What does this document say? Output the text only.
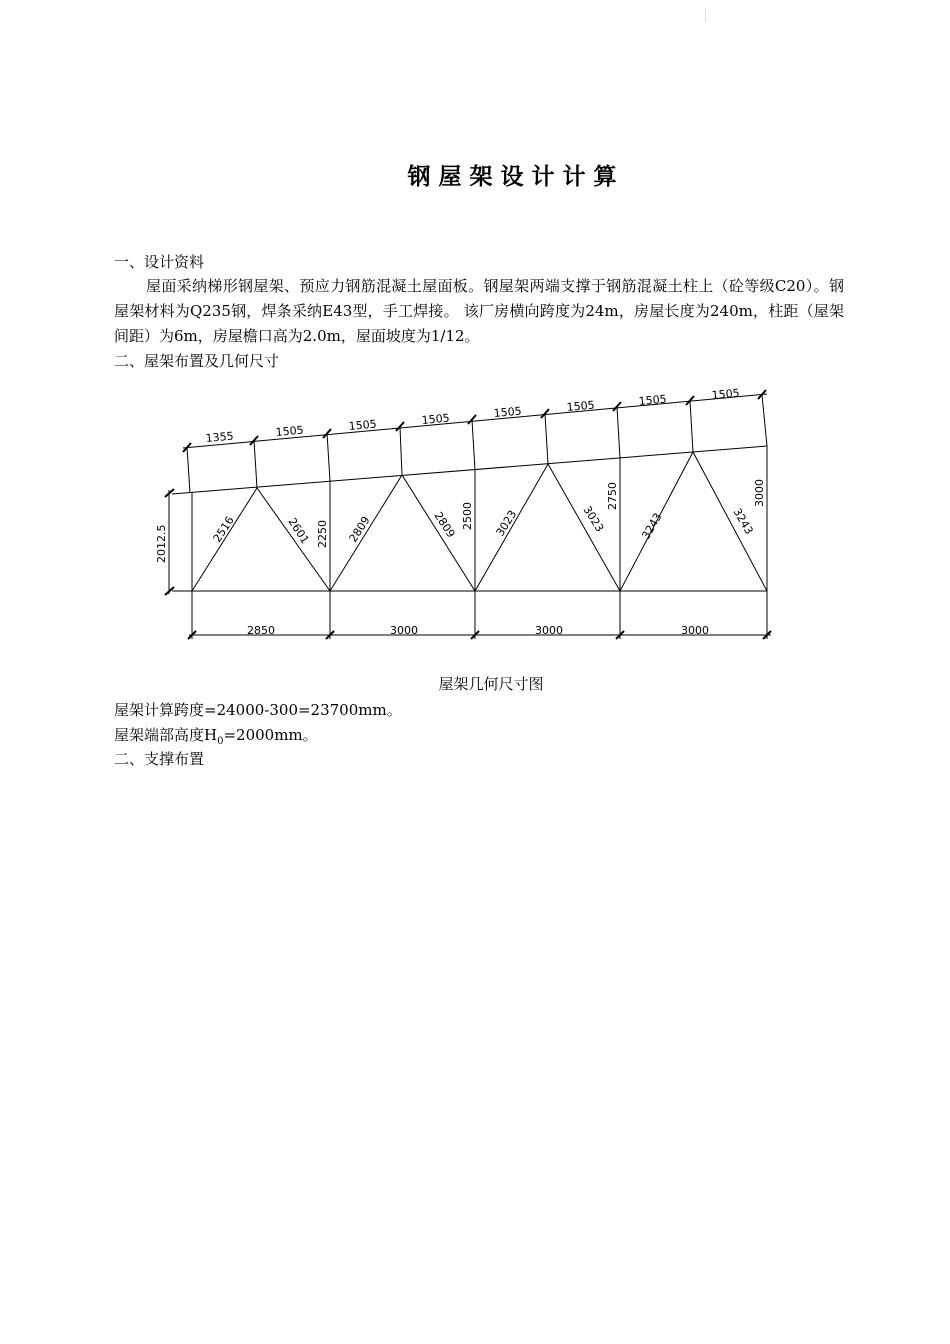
钢 屋 架 设 计 计 算

一、设计资料

屋面采纳梯形钢屋架、预应力钢筋混凝土屋面板。钢屋架两端支撑于钢筋混凝土柱上（砼等级C20）。钢屋架材料为Q235钢，焊条采纳E43型，手工焊接。 该厂房横向跨度为24m，房屋长度为240m，柱距（屋架间距）为6m，房屋檐口高为2.0m，屋面坡度为1/12。

二、屋架布置及几何尺寸

1355	1505	1505	1505	1505	1505	1505	1505
2012.5	2250
2500
2750	3000
2516	2601	2809	2809	3023	3023	3243	3243
2850	3000	3000	3000
屋架几何尺寸图

屋架计算跨度=24000-300=23700mm。

屋架端部高度$H_0=2000mm$。

二、支撑布置
